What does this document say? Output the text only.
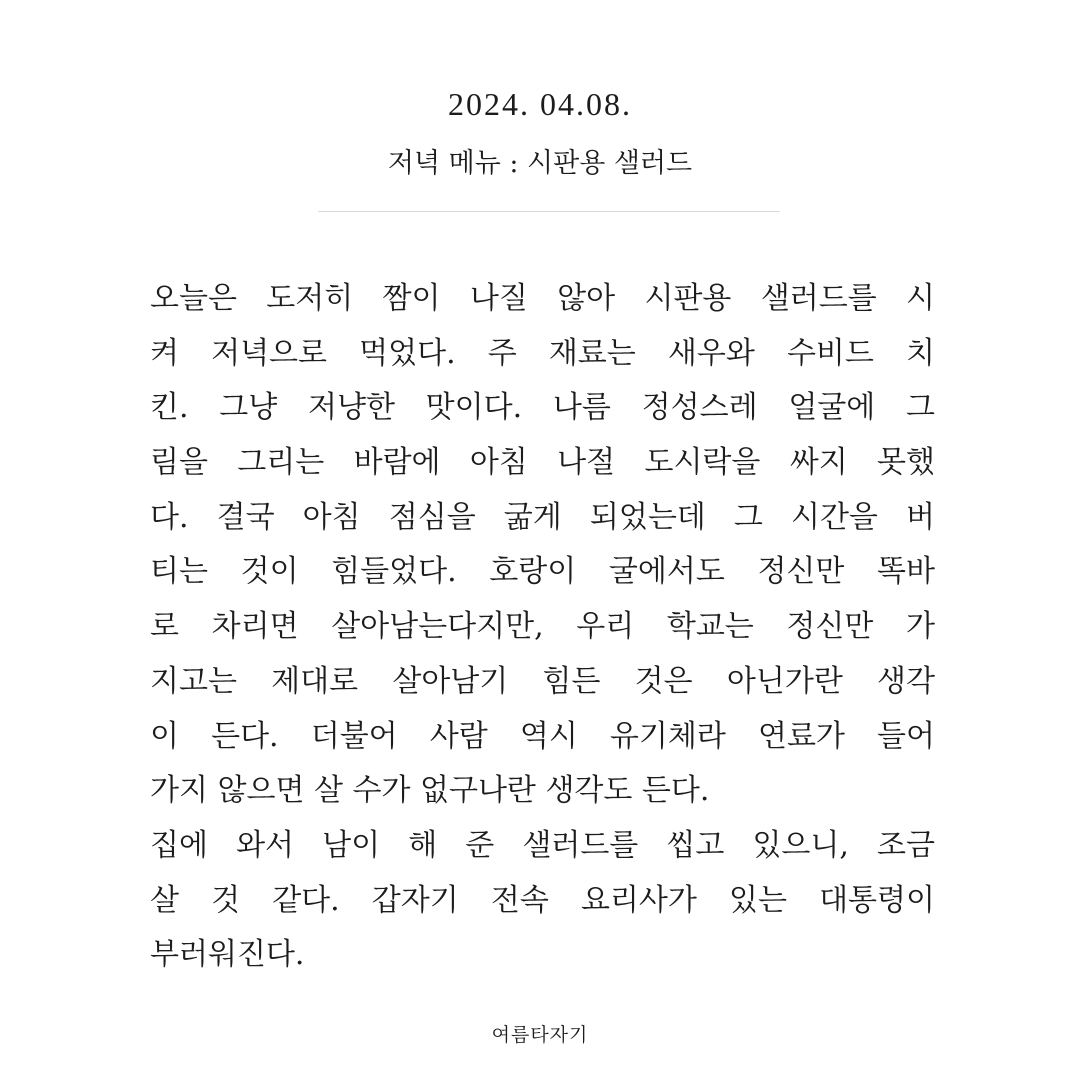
2024. 04.08.
저녁 메뉴 : 시판용 샐러드
오늘은 도저히 짬이 나질 않아 시판용 샐러드를 시
켜 저녁으로 먹었다. 주 재료는 새우와 수비드 치
킨. 그냥 저냥한 맛이다. 나름 정성스레 얼굴에 그
림을 그리는 바람에 아침 나절 도시락을 싸지 못했
다. 결국 아침 점심을 굶게 되었는데 그 시간을 버
티는 것이 힘들었다. 호랑이 굴에서도 정신만 똑바
로 차리면 살아남는다지만, 우리 학교는 정신만 가
지고는 제대로 살아남기 힘든 것은 아닌가란 생각
이 든다. 더불어 사람 역시 유기체라 연료가 들어
가지 않으면 살 수가 없구나란 생각도 든다.
집에 와서 남이 해 준 샐러드를 씹고 있으니, 조금
살 것 같다. 갑자기 전속 요리사가 있는 대통령이
부러워진다.
여름타자기
